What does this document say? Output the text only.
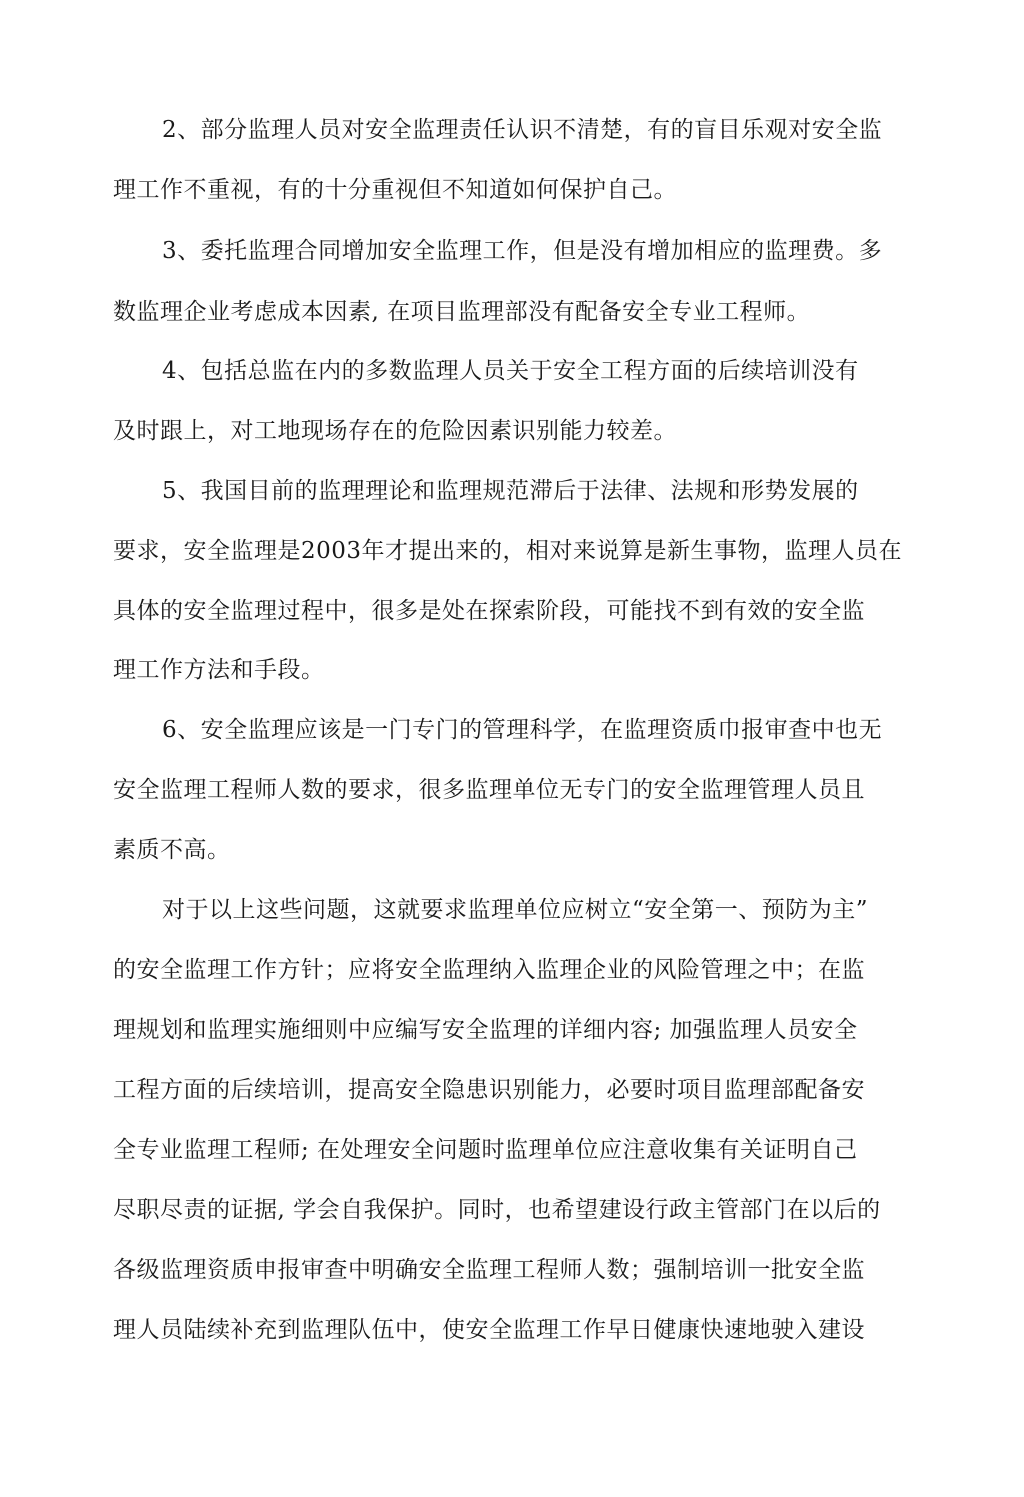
2、部分监理人员对安全监理责任认识不清楚，有的盲目乐观对安全监
理工作不重视，有的十分重视但不知道如何保护自己。
3、委托监理合同增加安全监理工作，但是没有增加相应的监理费。多
数监理企业考虑成本因素, 在项目监理部没有配备安全专业工程师。
4、包括总监在内的多数监理人员关于安全工程方面的后续培训没有
及时跟上，对工地现场存在的危险因素识别能力较差。
5、我国目前的监理理论和监理规范滞后于法律、法规和形势发展的
要求，安全监理是2003年才提出来的，相对来说算是新生事物，监理人员在
具体的安全监理过程中，很多是处在探索阶段，可能找不到有效的安全监
理工作方法和手段。
6、安全监理应该是一门专门的管理科学，在监理资质巾报审查中也无
安全监理工程师人数的要求，很多监理单位无专门的安全监理管理人员且
素质不高。
对于以上这些问题，这就要求监理单位应树立“安全第一、预防为主”
的安全监理工作方针；应将安全监理纳入监理企业的风险管理之中；在监
理规划和监理实施细则中应编写安全监理的详细内容; 加强监理人员安全
工程方面的后续培训，提高安全隐患识别能力，必要时项目监理部配备安
全专业监理工程师; 在处理安全问题时监理单位应注意收集有关证明自己
尽职尽责的证据, 学会自我保护。同时，也希望建设行政主管部门在以后的
各级监理资质申报审查中明确安全监理工程师人数；强制培训一批安全监
理人员陆续补充到监理队伍中，使安全监理工作早日健康快速地驶入建设
